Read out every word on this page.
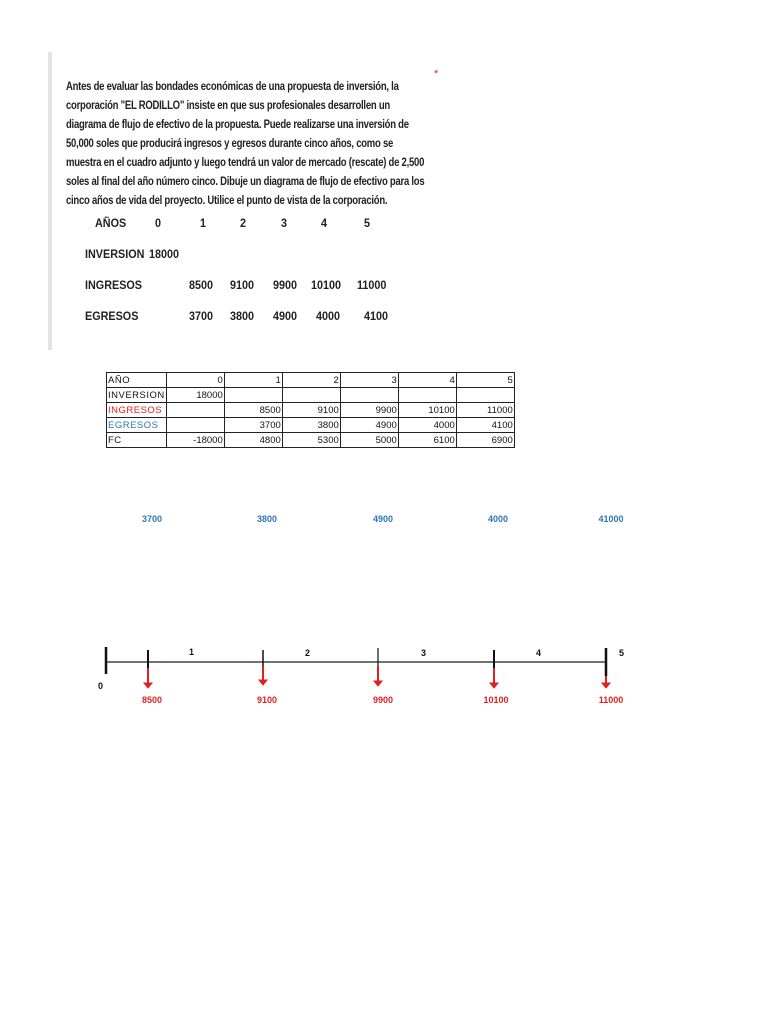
Antes de evaluar las bondades económicas de una propuesta de inversión, la corporación "EL RODILLO" insiste en que sus profesionales desarrollen un diagrama de flujo de efectivo de la propuesta. Puede realizarse una inversión de 50,000 soles que producirá ingresos y egresos durante cinco años, como se muestra en el cuadro adjunto y luego tendrá un valor de mercado (rescate) de 2,500 soles al final del año número cinco. Dibuje un diagrama de flujo de efectivo para los cinco años de vida del proyecto. Utilice el punto de vista de la corporación.
*
AÑOS 0	1	2	3	4	5
INVERSION 18000
INGRESOS	8500 9100 9900 10100 11000
EGRESOS	3700 3800 4900 4000 4100
AÑO	0	1	2	3	4	5
INVERSION	18000					
INGRESOS		8500	9100	9900	10100	11000
EGRESOS		3700	3800	4900	4000	4100
FC	-18000	4800	5300	5000	6100	6900
3700	3800	4900	4000	41000
1	2	3	4	5
0
8500	9100	9900	10100	11000
